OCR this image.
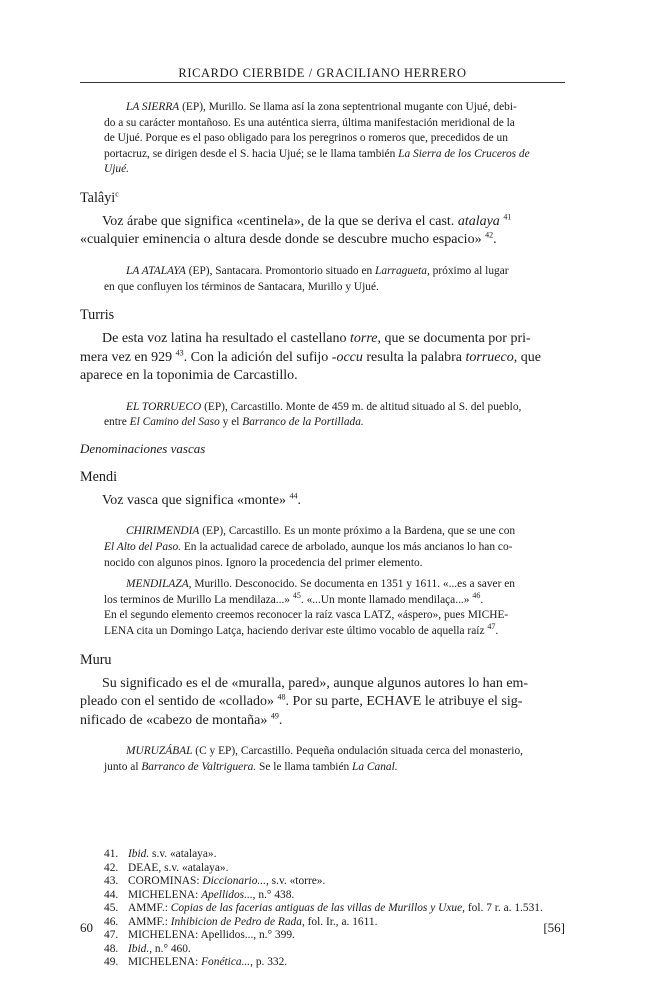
RICARDO CIERBIDE / GRACILIANO HERRERO

LA SIERRA (EP), Murillo. Se llama así la zona septentrional mugante con Ujué, debi-

do a su carácter montañoso. Es una auténtica sierra, última manifestación meridional de la

de Ujué. Porque es el paso obligado para los peregrinos o romeros que, precedidos de un

portacruz, se dirigen desde el S. hacia Ujué; se le llama también La Sierra de los Cruceros de

Ujué.

Talâyi$^c$
Voz árabe que significa «centinela», de la que se deriva el cast. atalaya $^{41}$
«cualquier eminencia o altura desde donde se descubre mucho espacio» $^{42}$.

LA ATALAYA (EP), Santacara. Promontorio situado en Larragueta, próximo al lugar

en que confluyen los términos de Santacara, Murillo y Ujué.

Turris
De esta voz latina ha resultado el castellano torre, que se documenta por pri-
mera vez en 929 $^{43}$. Con la adición del sufijo -occu resulta la palabra torrueco, que
aparece en la toponimia de Carcastillo.

EL TORRUECO (EP), Carcastillo. Monte de 459 m. de altitud situado al S. del pueblo,

entre El Camino del Saso y el Barranco de la Portillada.

Denominaciones vascas
Mendi
Voz vasca que significa «monte» $^{44}$.

CHIRIMENDIA (EP), Carcastillo. Es un monte próximo a la Bardena, que se une con

El Alto del Paso. En la actualidad carece de arbolado, aunque los más ancianos lo han co-

nocido con algunos pinos. Ignoro la procedencia del primer elemento.

MENDILAZA, Murillo. Desconocido. Se documenta en 1351 y 1611. «...es a saver en

los terminos de Murillo La mendilaza...» $^{45}$. «...Un monte llamado mendilaça...» $^{46}$.

En el segundo elemento creemos reconocer la raíz vasca LATZ, «áspero», pues MICHE-

LENA cita un Domingo Latça, haciendo derivar este último vocablo de aquella raíz $^{47}$.

Muru
Su significado es el de «muralla, pared», aunque algunos autores lo han em-
pleado con el sentido de «collado» $^{48}$. Por su parte, ECHAVE le atribuye el sig-
nificado de «cabezo de montaña» $^{49}$.

MURUZÁBAL (C y EP), Carcastillo. Pequeña ondulación situada cerca del monasterio,

junto al Barranco de Valtriguera. Se le llama también La Canal.

41. Ibid. s.v. «atalaya».
42. DEAE, s.v. «atalaya».
43. COROMINAS: Diccionario..., s.v. «torre».
44. MICHELENA: Apellidos..., n.° 438.
45. AMMF.: Copias de las facerias antiguas de las villas de Murillos y Uxue, fol. 7 r. a. 1.531.
46. AMMF.: Inhibicion de Pedro de Rada, fol. Ir., a. 1611.
47. MICHELENA: Apellidos..., n.° 399.
48. Ibid., n.° 460.
49. MICHELENA: Fonética..., p. 332.
60	[56]
